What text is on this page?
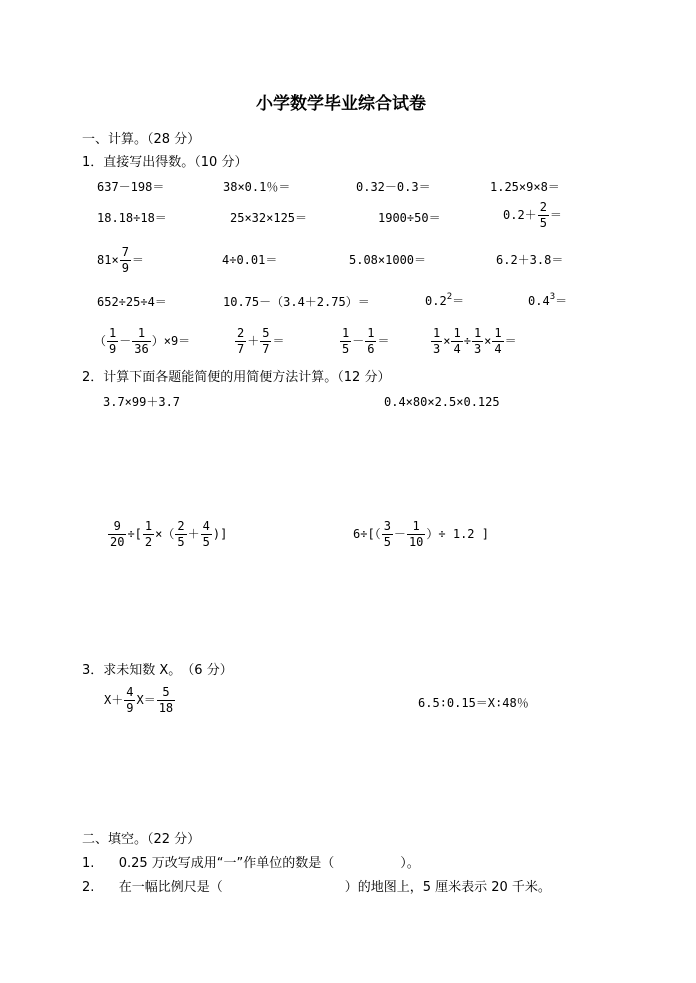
小学数学毕业综合试卷
一、计算。（28 分）
1．直接写出得数。（10 分）
637－198＝	38×0.1％＝	0.32－0.3＝	1.25×9×8＝
18.18÷18＝	25×32×125＝	1900÷50＝	$0.2+ \frac{2}{5}$ ＝
$81\times \frac{7}{9}$ ＝	4÷0.01＝	5.08×1000＝	6.2＋3.8＝
652÷25÷4＝	10.75－（3.4＋2.75）＝	$0.2^2=$	$0.4^3=$
（ $\frac{1}{9} - \frac{1}{36} )\times 9=$	$\frac{2}{7} + \frac{5}{7}$ ＝	$\frac{1}{5} - \frac{1}{6}$ ＝	$\frac{1}{3} \times \frac{1}{4} \div \frac{1}{3} \times \frac{1}{4}$ ＝
2．计算下面各题能简便的用简便方法计算。（12 分）
3.7×99＋3.7	0.4×80×2.5×0.125
$\frac{9}{20}$ ÷[ $\frac{1}{2}$ ×（ $\frac{2}{5} + \frac{4}{5}$ )]	$6\div[( \frac{3}{5} - \frac{1}{10}$ ）÷ 1.2 ]
3．求未知数 X。　（6 分）
$X+ \frac{4}{9} X= \frac{5}{18}$	6.5∶0.15＝X∶48％
二、填空。（22 分）
1. 0.25 万改写成用“一”作单位的数是（	）。
2. 在一幅比例尺是（	）的地图上，5 厘米表示 20 千米。
